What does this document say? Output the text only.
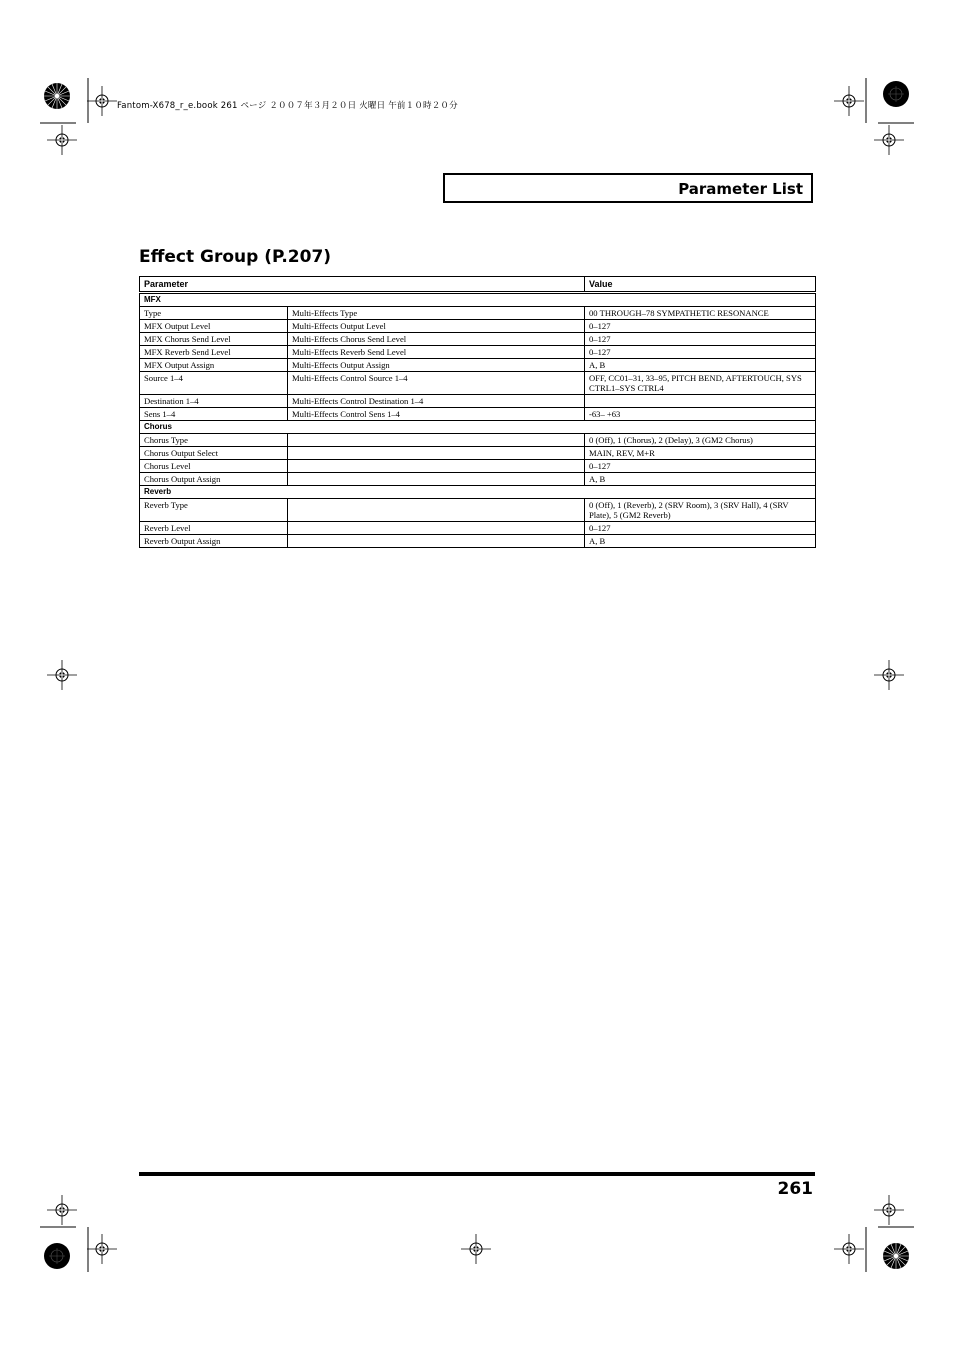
Fantom-X678_r_e.book 261 ページ ２００７年３月２０日 火曜日 午前１０時２０分
Parameter List
Effect Group (P.207)
Parameter		Value
MFX		
Type	Multi-Effects Type	00 THROUGH–78 SYMPATHETIC RESONANCE
MFX Output Level	Multi-Effects Output Level	0–127
MFX Chorus Send Level	Multi-Effects Chorus Send Level	0–127
MFX Reverb Send Level	Multi-Effects Reverb Send Level	0–127
MFX Output Assign	Multi-Effects Output Assign	A, B
Source 1–4	Multi-Effects Control Source 1–4	OFF, CC01–31, 33–95, PITCH BEND, AFTERTOUCH, SYS CTRL1–SYS CTRL4
Destination 1–4	Multi-Effects Control Destination 1–4	
Sens 1–4	Multi-Effects Control Sens 1–4	-63– +63
Chorus		
Chorus Type		0 (Off), 1 (Chorus), 2 (Delay), 3 (GM2 Chorus)
Chorus Output Select		MAIN, REV, M+R
Chorus Level		0–127
Chorus Output Assign		A, B
Reverb		
Reverb Type		0 (Off), 1 (Reverb), 2 (SRV Room), 3 (SRV Hall), 4 (SRV Plate), 5 (GM2 Reverb)
Reverb Level		0–127
Reverb Output Assign		A, B
261
